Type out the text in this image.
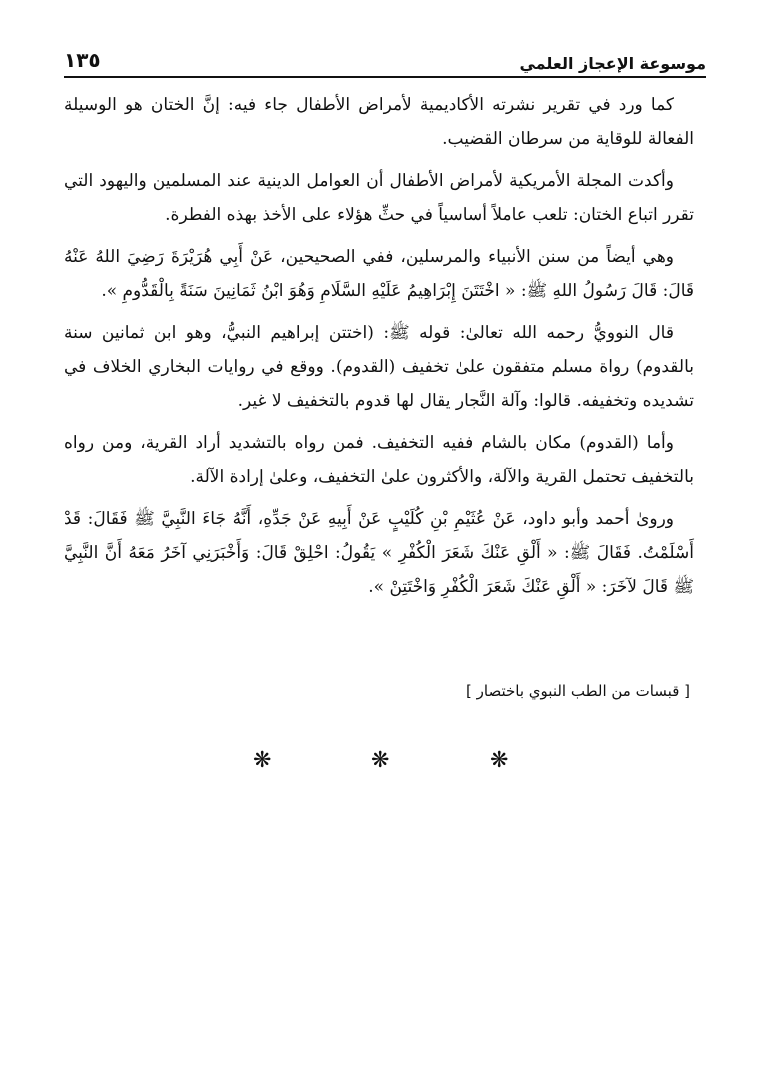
موسوعة الإعجاز العلمي
١٣٥

كما ورد في تقرير نشرته الأكاديمية لأمراض الأطفال جاء فيه: إنَّ الختان هو الوسيلة الفعالة للوقاية من سرطان القضيب.

وأكدت المجلة الأمريكية لأمراض الأطفال أن العوامل الدينية عند المسلمين واليهود التي تقرر اتباع الختان: تلعب عاملاً أساسياً في حثِّ هؤلاء على الأخذ بهذه الفطرة.

وهي أيضاً من سنن الأنبياء والمرسلين، ففي الصحيحين، عَنْ أَبِي هُرَيْرَةَ رَضِيَ اللهُ عَنْهُ قَالَ: قَالَ رَسُولُ اللهِ ﷺ: « اخْتَتَنَ إِبْرَاهِيمُ عَلَيْهِ السَّلَامِ وَهُوَ ابْنُ ثَمَانِينَ سَنَةً بِالْقَدُّومِ ».

قال النوويُّ رحمه الله تعالىٰ: قوله ﷺ: (اختتن إبراهيم النبيُّ، وهو ابن ثمانين سنة بالقدوم) رواة مسلم متفقون علىٰ تخفيف (القدوم). ووقع في روايات البخاري الخلاف في تشديده وتخفيفه. قالوا: وآلة النَّجار يقال لها قدوم بالتخفيف لا غير.

وأما (القدوم) مكان بالشام ففيه التخفيف. فمن رواه بالتشديد أراد القرية، ومن رواه بالتخفيف تحتمل القرية والآلة، والأكثرون علىٰ التخفيف، وعلىٰ إرادة الآلة.

وروىٰ أحمد وأبو داود، عَنْ عُثَيْمِ بْنِ كُلَيْبٍ عَنْ أَبِيهِ عَنْ جَدِّهِ، أَنَّهُ جَاءَ النَّبِيَّ ﷺ فَقَالَ: قَدْ أَسْلَمْتُ. فَقَالَ ﷺ: « أَلْقِ عَنْكَ شَعَرَ الْكُفْرِ » يَقُولُ: احْلِقْ قَالَ: وَأَخْبَرَنِي آخَرُ مَعَهُ أَنَّ النَّبِيَّ ﷺ قَالَ لآخَرَ: « أَلْقِ عَنْكَ شَعَرَ الْكُفْرِ وَاخْتَتِنْ ».

[ قبسات من الطب النبوي باختصار ]
❋	❋	❋
